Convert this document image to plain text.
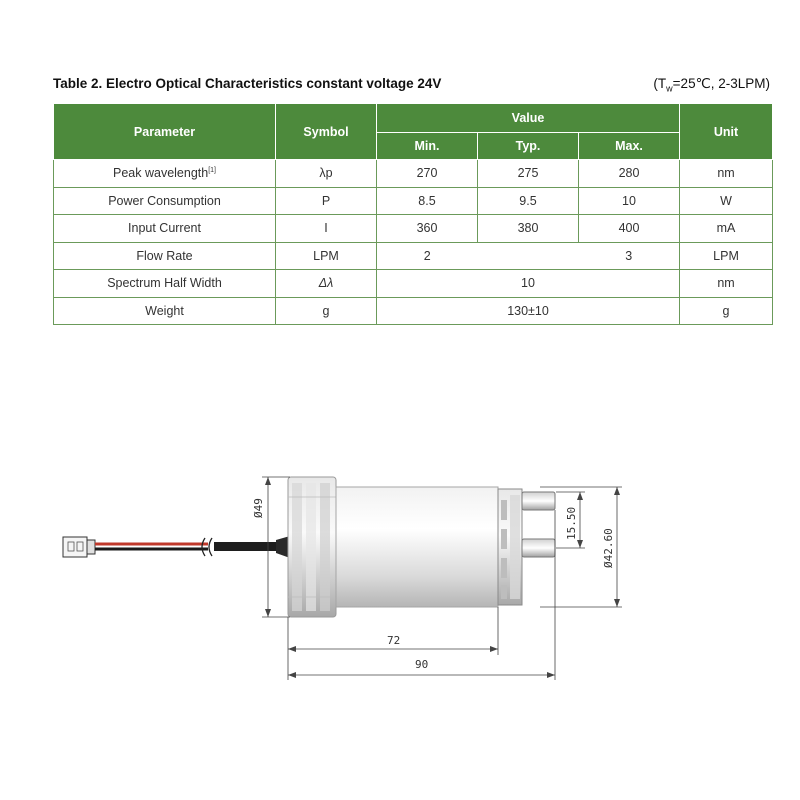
Table 2. Electro Optical Characteristics constant voltage 24V	($T_w=25℃$, 2-3LPM)
Parameter	Symbol	Value			Unit
		Min.	Typ.	Max.	
Peak wavelength[1]	λp	270	275	280	nm
Power Consumption	P	8.5	9.5	10	W
Input Current	I	360	380	400	mA
Flow Rate	LPM	2		3	LPM
Spectrum Half Width	Δλ	10			nm
Weight	g	130±10			g
Ø49	15.50
Ø42.60
72
90
